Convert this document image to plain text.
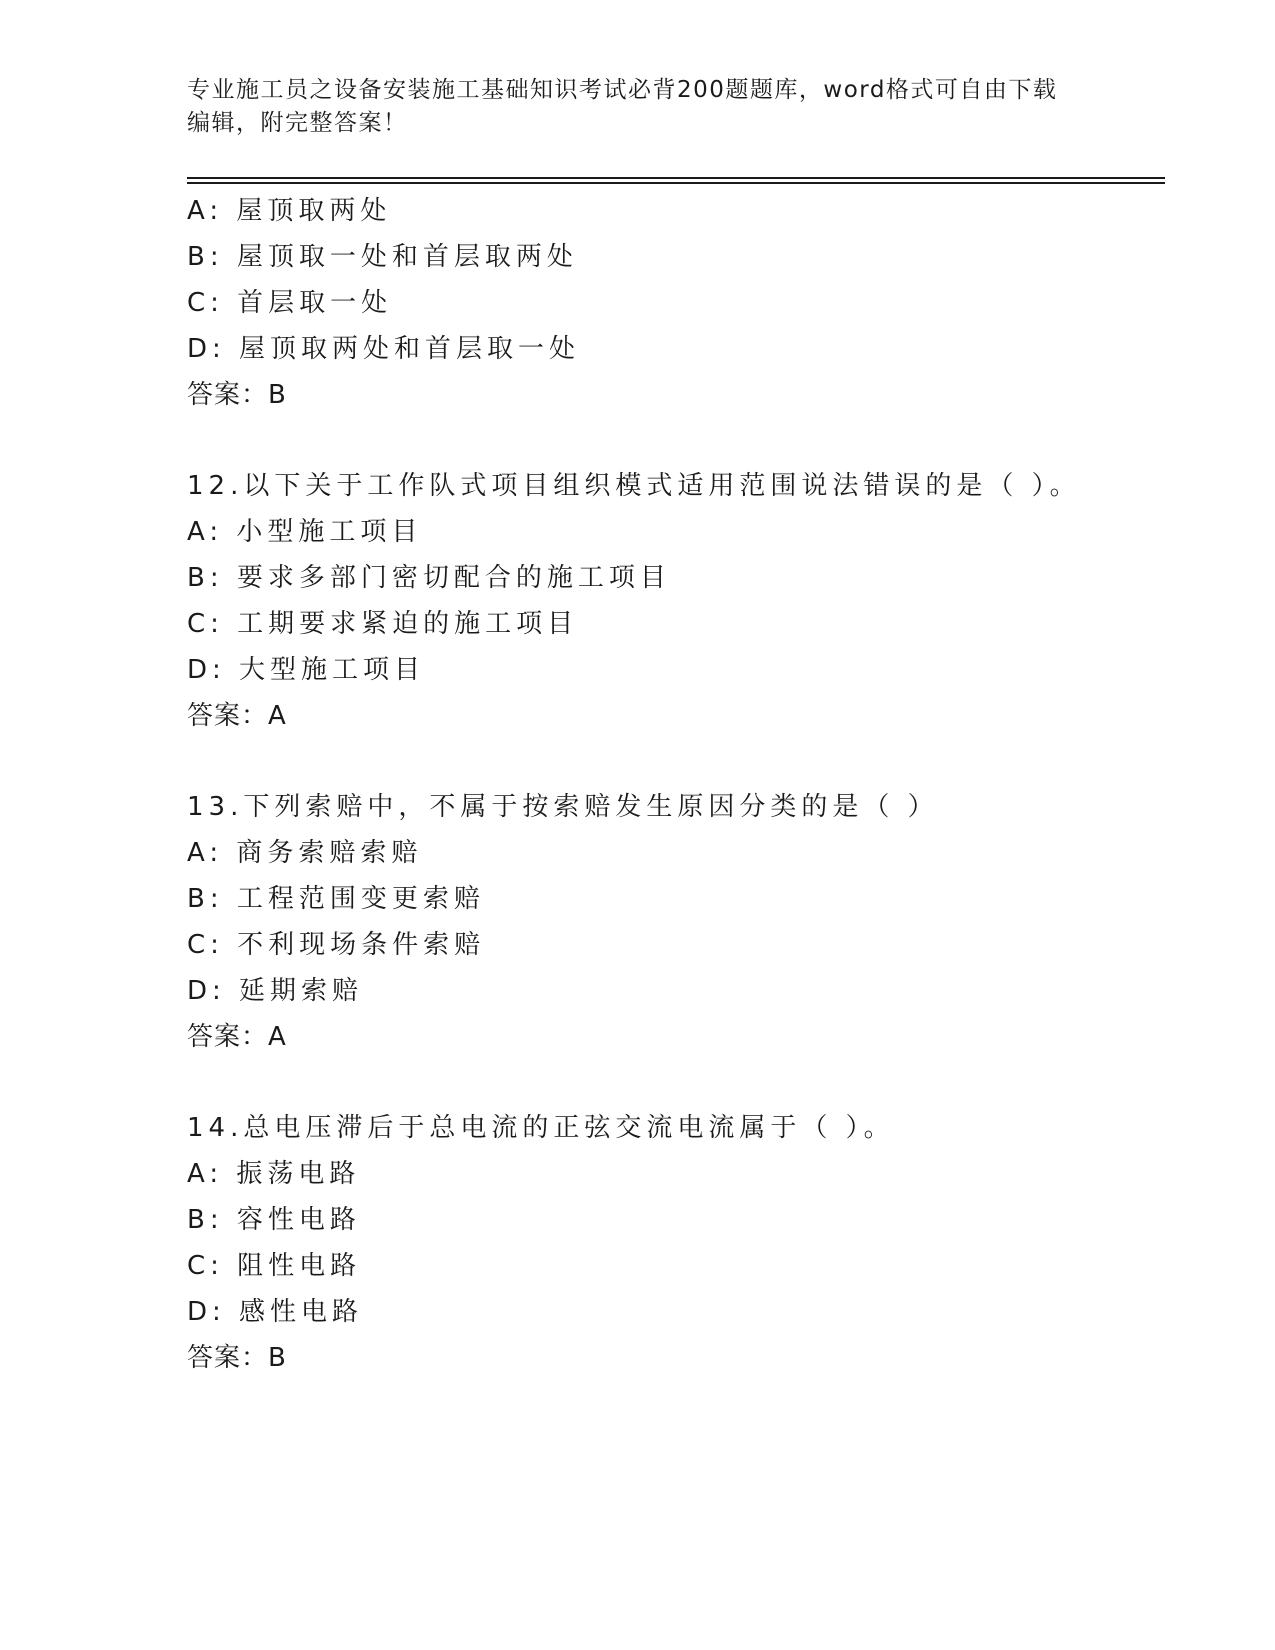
专业施工员之设备安装施工基础知识考试必背200题题库，word格式可自由下载
编辑，附完整答案！
A: 屋顶取两处
B: 屋顶取一处和首层取两处
C: 首层取一处
D: 屋顶取两处和首层取一处
答案：B
12.以下关于工作队式项目组织模式适用范围说法错误的是（ ）。
A: 小型施工项目
B: 要求多部门密切配合的施工项目
C: 工期要求紧迫的施工项目
D: 大型施工项目
答案：A
13.下列索赔中，不属于按索赔发生原因分类的是（ ）
A: 商务索赔索赔
B: 工程范围变更索赔
C: 不利现场条件索赔
D: 延期索赔
答案：A
14.总电压滞后于总电流的正弦交流电流属于（ ）。
A: 振荡电路
B: 容性电路
C: 阻性电路
D: 感性电路
答案：B
